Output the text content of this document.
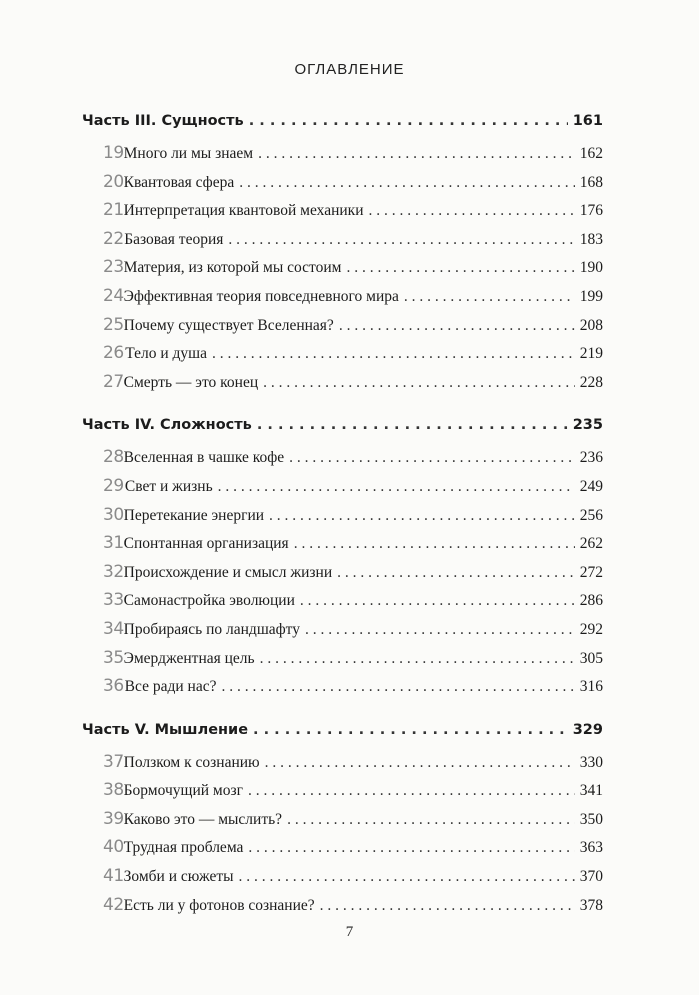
ОГЛАВЛЕНИЕ
Часть III. Сущность . . .	161
19 Много ли мы знаем . . .	162
20 Квантовая сфера . . .	168
21 Интерпретация квантовой механики . . .	176
22 Базовая теория . . .	183
23 Материя, из которой мы состоим . . .	190
24 Эффективная теория повседневного мира . . .	199
25 Почему существует Вселенная? . . .	208
26 Тело и душа . . .	219
27 Смерть — это конец . . .	228
Часть IV. Сложность . . .	235
28 Вселенная в чашке кофе . . .	236
29 Свет и жизнь . . .	249
30 Перетекание энергии . . .	256
31 Спонтанная организация . . .	262
32 Происхождение и смысл жизни . . .	272
33 Самонастройка эволюции . . .	286
34 Пробираясь по ландшафту . . .	292
35 Эмерджентная цель . . .	305
36 Все ради нас? . . .	316
Часть V. Мышление . . .	329
37 Ползком к сознанию . . .	330
38 Бормочущий мозг . . .	341
39 Каково это — мыслить? . . .	350
40 Трудная проблема . . .	363
41 Зомби и сюжеты . . .	370
42 Есть ли у фотонов сознание? . . .	378
7
